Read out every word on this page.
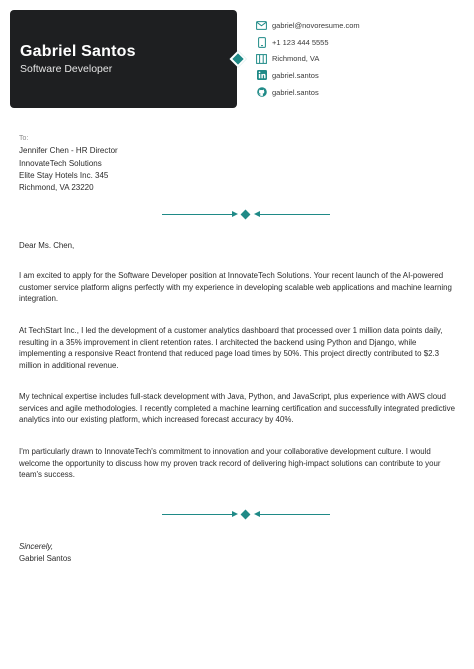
Gabriel Santos
Software Developer
gabriel@novoresume.com
+1 123 444 5555
Richmond, VA
gabriel.santos
gabriel.santos
To:
Jennifer Chen - HR Director
InnovateTech Solutions
Elite Stay Hotels Inc. 345
Richmond, VA 23220
Dear Ms. Chen,

I am excited to apply for the Software Developer position at InnovateTech Solutions. Your recent launch of the AI-powered customer service platform aligns perfectly with my experience in developing scalable web applications and machine learning integration.

At TechStart Inc., I led the development of a customer analytics dashboard that processed over 1 million data points daily, resulting in a 35% improvement in client retention rates. I architected the backend using Python and Django, while implementing a responsive React frontend that reduced page load times by 50%. This project directly contributed to $2.3 million in additional revenue.

My technical expertise includes full-stack development with Java, Python, and JavaScript, plus experience with AWS cloud services and agile methodologies. I recently completed a machine learning certification and successfully integrated predictive analytics into our existing platform, which increased forecast accuracy by 40%.

I'm particularly drawn to InnovateTech's commitment to innovation and your collaborative development culture. I would welcome the opportunity to discuss how my proven track record of delivering high-impact solutions can contribute to your team's success.

Sincerely,
Gabriel Santos
